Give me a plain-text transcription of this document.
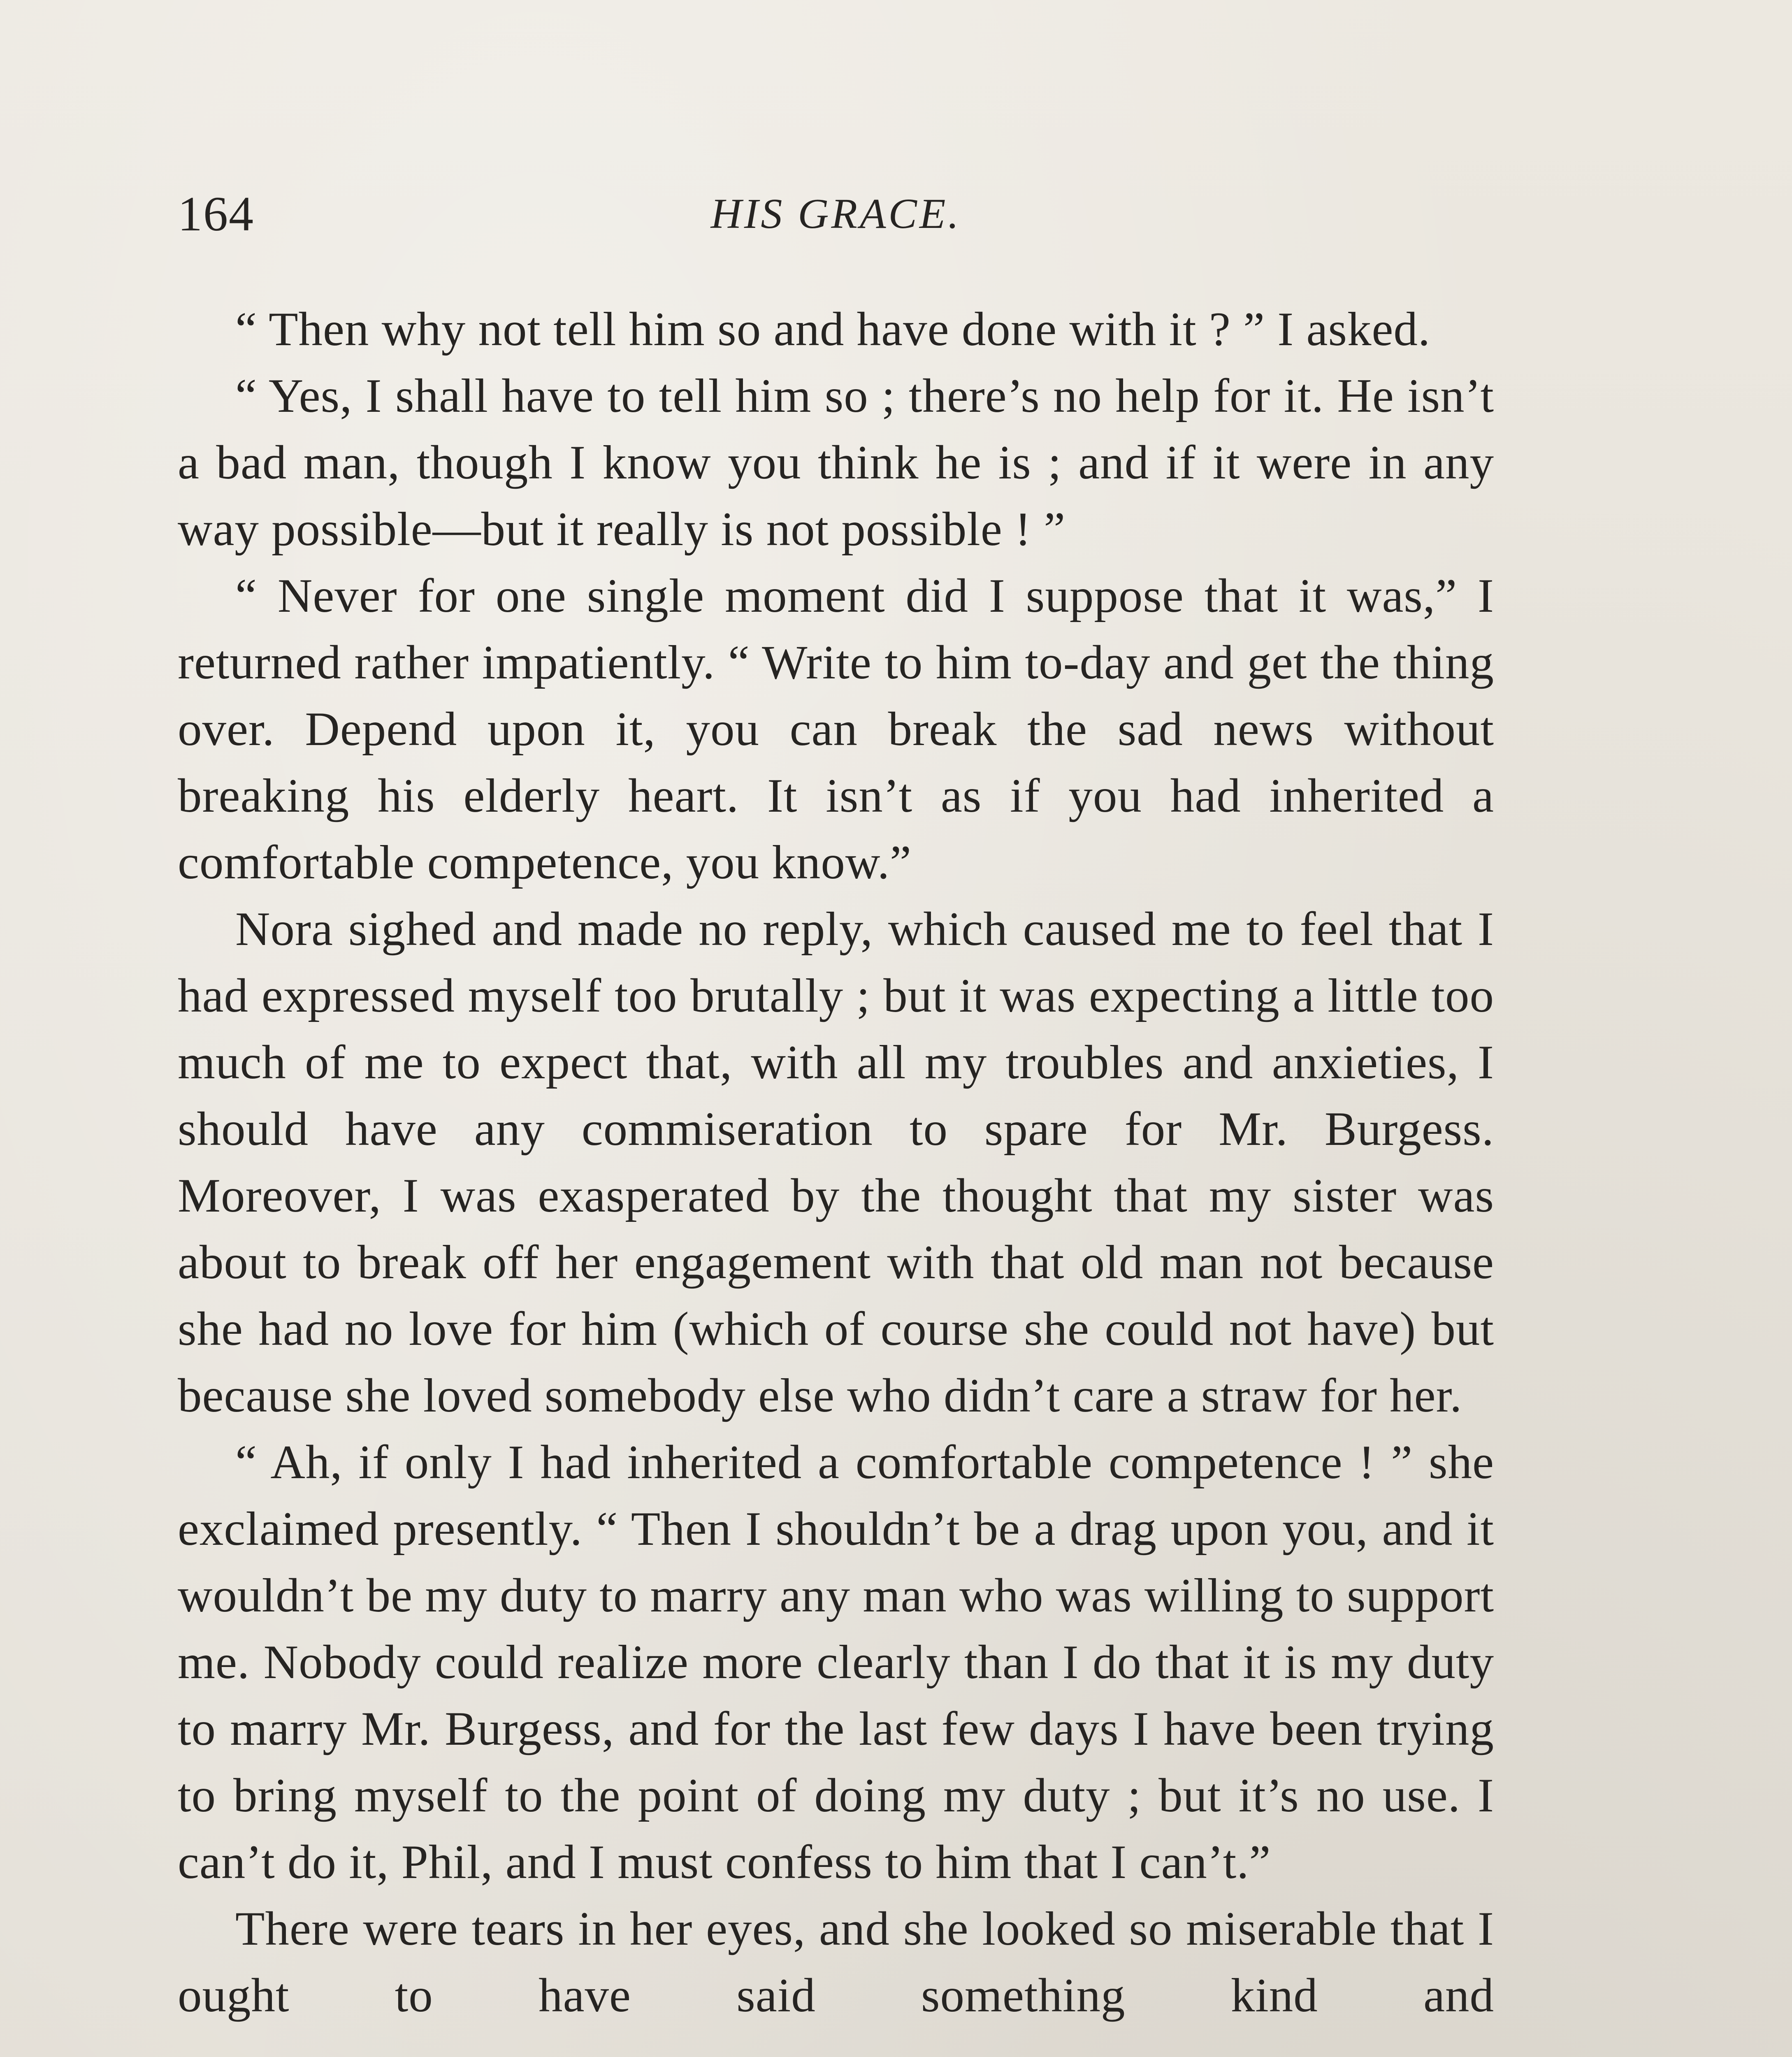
164	HIS GRACE.

“ Then why not tell him so and have done with it ? ” I asked.

“ Yes, I shall have to tell him so ; there’s no help for it. He isn’t a bad man, though I know you think he is ; and if it were in any way possible—but it really is not possible ! ”

“ Never for one single moment did I suppose that it was,” I returned rather impatiently. “ Write to him to-day and get the thing over. Depend upon it, you can break the sad news without breaking his elderly heart. It isn’t as if you had inherited a comfortable competence, you know.”

Nora sighed and made no reply, which caused me to feel that I had expressed myself too brutally ; but it was expecting a little too much of me to expect that, with all my troubles and anxieties, I should have any commiseration to spare for Mr. Burgess. Moreover, I was exasperated by the thought that my sister was about to break off her engagement with that old man not because she had no love for him (which of course she could not have) but because she loved somebody else who didn’t care a straw for her.

“ Ah, if only I had inherited a comfortable competence ! ” she exclaimed presently. “ Then I shouldn’t be a drag upon you, and it wouldn’t be my duty to marry any man who was willing to support me. Nobody could realize more clearly than I do that it is my duty to marry Mr. Burgess, and for the last few days I have been trying to bring myself to the point of doing my duty ; but it’s no use. I can’t do it, Phil, and I must confess to him that I can’t.”

There were tears in her eyes, and she looked so miserable that I ought to have said something kind and
